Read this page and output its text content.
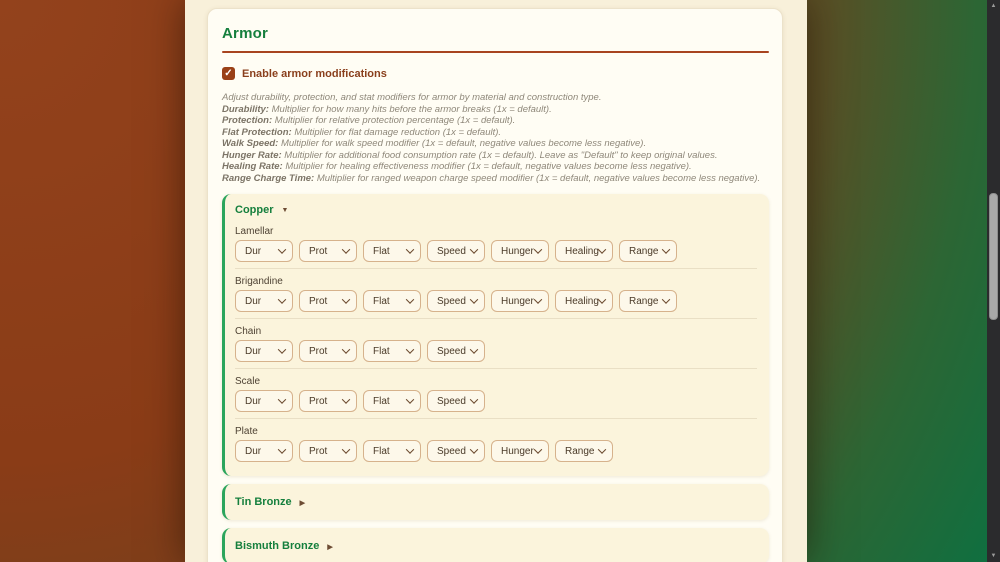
Armor
✓ Enable armor modifications
Adjust durability, protection, and stat modifiers for armor by material and construction type.
Durability: Multiplier for how many hits before the armor breaks (1x = default).
Protection: Multiplier for relative protection percentage (1x = default).
Flat Protection: Multiplier for flat damage reduction (1x = default).
Walk Speed: Multiplier for walk speed modifier (1x = default, negative values become less negative).
Hunger Rate: Multiplier for additional food consumption rate (1x = default). Leave as "Default" to keep original values.
Healing Rate: Multiplier for healing effectiveness modifier (1x = default, negative values become less negative).
Range Charge Time: Multiplier for ranged weapon charge speed modifier (1x = default, negative values become less negative).
Copper ▼
Lamellar
Dur	Prot	Flat	Speed	Hunger	Healing	Range
Brigandine
Dur	Prot	Flat	Speed	Hunger	Healing	Range
Chain
Dur	Prot	Flat	Speed
Scale
Dur	Prot	Flat	Speed
Plate
Dur	Prot	Flat	Speed	Hunger	Range
Tin Bronze ▶
Bismuth Bronze ▶
▲
▼
